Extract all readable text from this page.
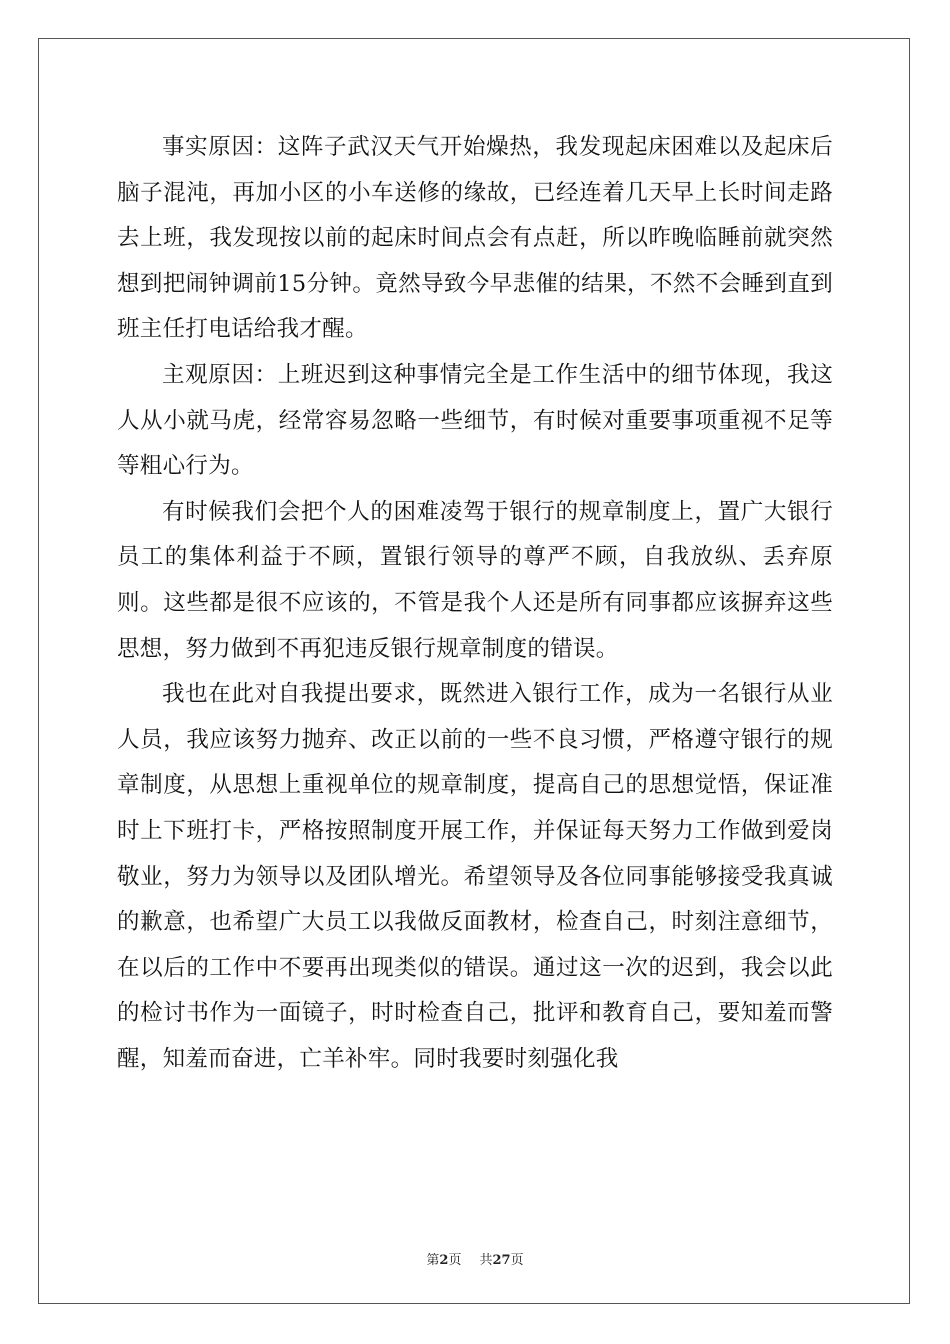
事实原因：这阵子武汉天气开始燥热，我发现起床困难以及起床后脑子混沌，再加小区的小车送修的缘故，已经连着几天早上长时间走路去上班，我发现按以前的起床时间点会有点赶，所以昨晚临睡前就突然想到把闹钟调前15分钟。竟然导致今早悲催的结果，不然不会睡到直到班主任打电话给我才醒。

主观原因：上班迟到这种事情完全是工作生活中的细节体现，我这人从小就马虎，经常容易忽略一些细节，有时候对重要事项重视不足等等粗心行为。

有时候我们会把个人的困难凌驾于银行的规章制度上，置广大银行员工的集体利益于不顾，置银行领导的尊严不顾，自我放纵、丢弃原则。这些都是很不应该的，不管是我个人还是所有同事都应该摒弃这些思想，努力做到不再犯违反银行规章制度的错误。

我也在此对自我提出要求，既然进入银行工作，成为一名银行从业人员，我应该努力抛弃、改正以前的一些不良习惯，严格遵守银行的规章制度，从思想上重视单位的规章制度，提高自己的思想觉悟，保证准时上下班打卡，严格按照制度开展工作，并保证每天努力工作做到爱岗敬业，努力为领导以及团队增光。希望领导及各位同事能够接受我真诚的歉意，也希望广大员工以我做反面教材，检查自己，时刻注意细节，在以后的工作中不要再出现类似的错误。通过这一次的迟到，我会以此的检讨书作为一面镜子，时时检查自己，批评和教育自己，要知羞而警醒，知羞而奋进，亡羊补牢。同时我要时刻强化我

第2页 共27页
